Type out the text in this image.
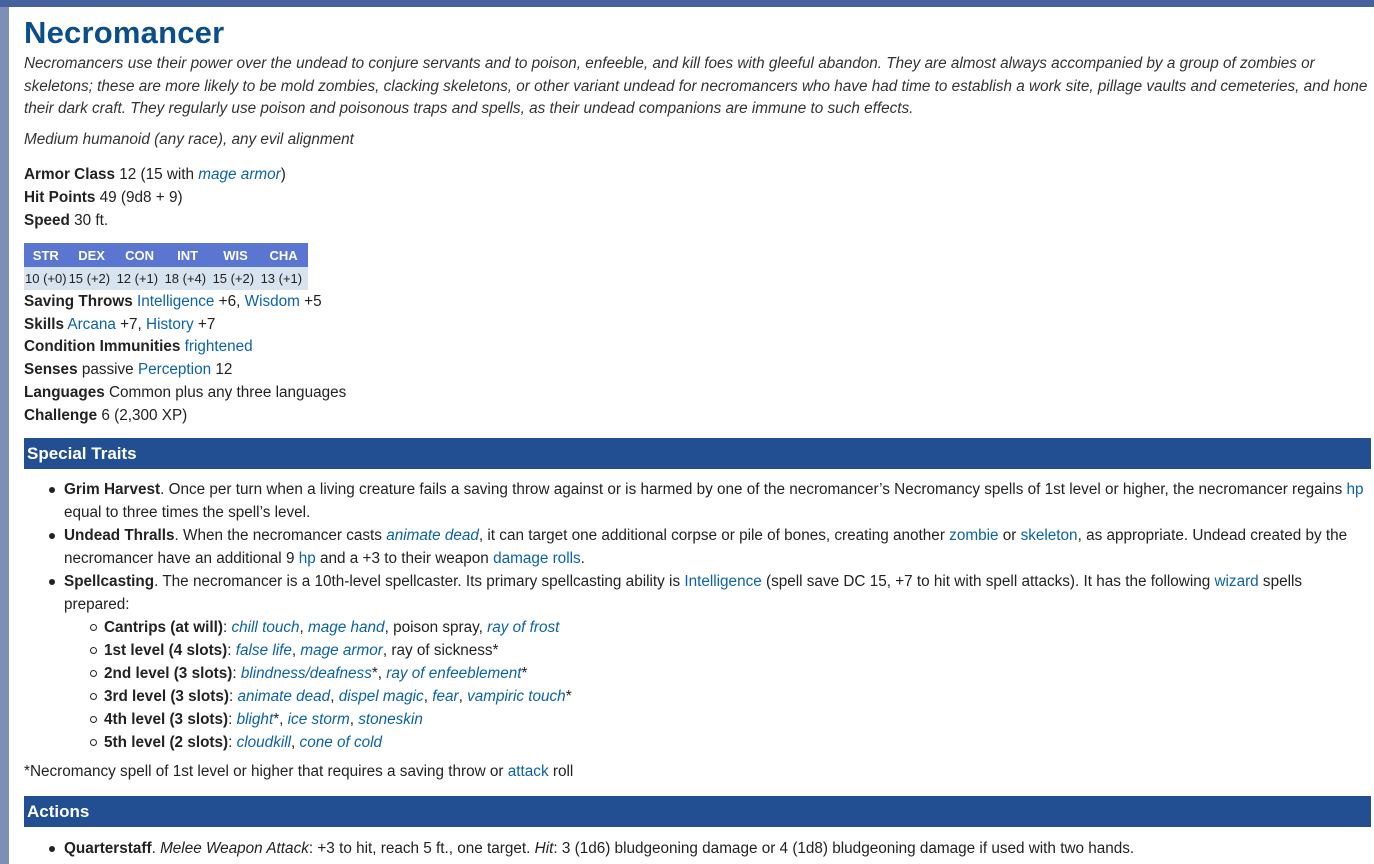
Necromancer
Necromancers use their power over the undead to conjure servants and to poison, enfeeble, and kill foes with gleeful abandon. They are almost always accompanied by a group of zombies or skeletons; these are more likely to be mold zombies, clacking skeletons, or other variant undead for necromancers who have had time to establish a work site, pillage vaults and cemeteries, and hone their dark craft. They regularly use poison and poisonous traps and spells, as their undead companions are immune to such effects.
Medium humanoid (any race), any evil alignment
Armor Class 12 (15 with mage armor)
Hit Points 49 (9d8 + 9)
Speed 30 ft.
STR	DEX	CON	INT	WIS	CHA
10 (+0)	15 (+2)	12 (+1)	18 (+4)	15 (+2)	13 (+1)
Saving Throws Intelligence +6, Wisdom +5
Skills Arcana +7, History +7
Condition Immunities frightened
Senses passive Perception 12
Languages Common plus any three languages
Challenge 6 (2,300 XP)
Special Traits
Grim Harvest. Once per turn when a living creature fails a saving throw against or is harmed by one of the necromancer’s Necromancy spells of 1st level or higher, the necromancer regains hp equal to three times the spell’s level.
Undead Thralls. When the necromancer casts animate dead, it can target one additional corpse or pile of bones, creating another zombie or skeleton, as appropriate. Undead created by the necromancer have an additional 9 hp and a +3 to their weapon damage rolls.
Spellcasting. The necromancer is a 10th-level spellcaster. Its primary spellcasting ability is Intelligence (spell save DC 15, +7 to hit with spell attacks). It has the following wizard spells prepared:
Cantrips (at will): chill touch, mage hand, poison spray, ray of frost
1st level (4 slots): false life, mage armor, ray of sickness*
2nd level (3 slots): blindness/deafness*, ray of enfeeblement*
3rd level (3 slots): animate dead, dispel magic, fear, vampiric touch*
4th level (3 slots): blight*, ice storm, stoneskin
5th level (2 slots): cloudkill, cone of cold
*Necromancy spell of 1st level or higher that requires a saving throw or attack roll
Actions
Quarterstaff. Melee Weapon Attack: +3 to hit, reach 5 ft., one target. Hit: 3 (1d6) bludgeoning damage or 4 (1d8) bludgeoning damage if used with two hands.
